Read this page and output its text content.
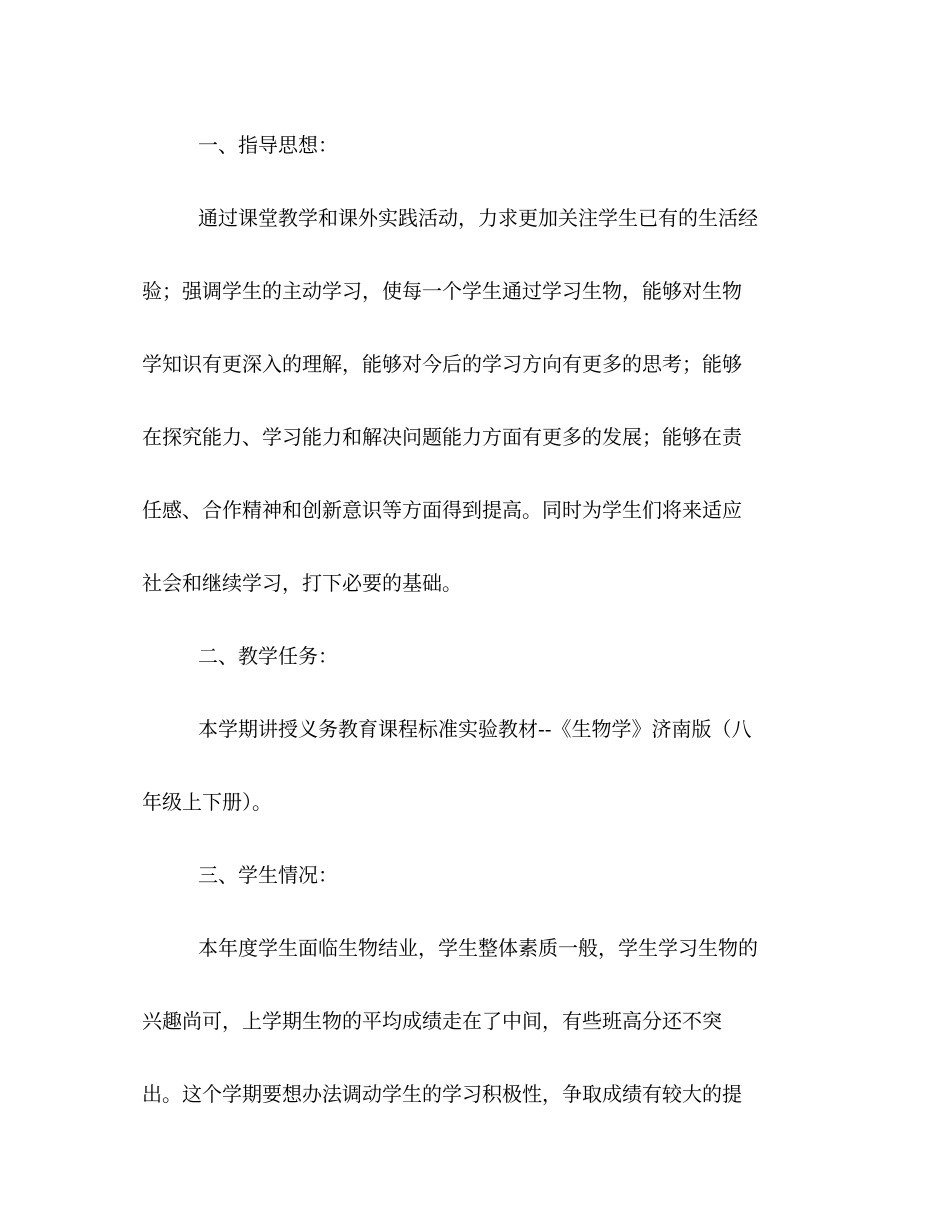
一、指导思想：
通过课堂教学和课外实践活动，力求更加关注学生已有的生活经
验；强调学生的主动学习，使每一个学生通过学习生物，能够对生物
学知识有更深入的理解，能够对今后的学习方向有更多的思考；能够
在探究能力、学习能力和解决问题能力方面有更多的发展；能够在责
任感、合作精神和创新意识等方面得到提高。同时为学生们将来适应
社会和继续学习，打下必要的基础。
二、教学任务：
本学期讲授义务教育课程标准实验教材--《生物学》济南版（八
年级上下册）。
三、学生情况：
本年度学生面临生物结业，学生整体素质一般，学生学习生物的
兴趣尚可，上学期生物的平均成绩走在了中间，有些班高分还不突
出。这个学期要想办法调动学生的学习积极性，争取成绩有较大的提
